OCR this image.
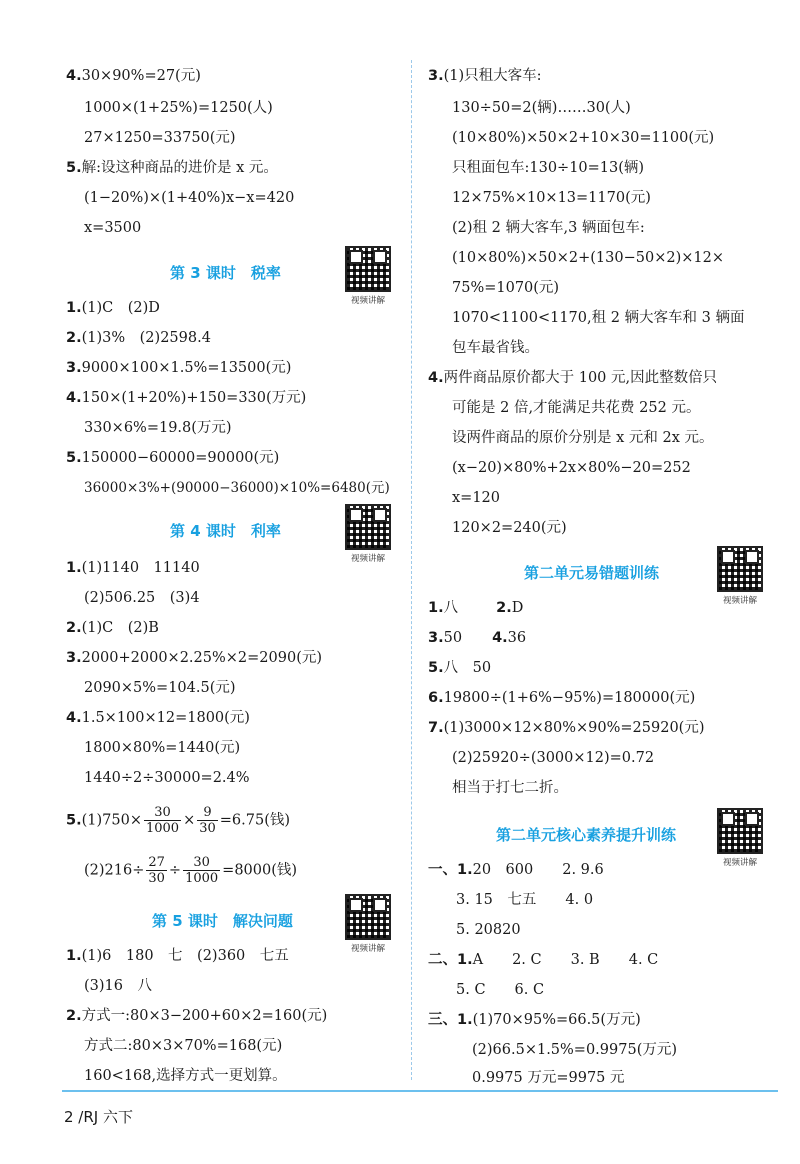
4.30×90%=27(元)
1000×(1+25%)=1250(人)
27×1250=33750(元)
5.解:设这种商品的进价是 x 元。
(1−20%)×(1+40%)x−x=420
x=3500
第 3 课时　税率
视频讲解
1.(1)C　(2)D
2.(1)3%　(2)2598.4
3.9000×100×1.5%=13500(元)
4.150×(1+20%)+150=330(万元)
330×6%=19.8(万元)
5.150000−60000=90000(元)
36000×3%+(90000−36000)×10%=6480(元)
第 4 课时　利率
视频讲解
1.(1)1140　11140
(2)506.25　(3)4
2.(1)C　(2)B
3.2000+2000×2.25%×2=2090(元)
2090×5%=104.5(元)
4.1.5×100×12=1800(元)
1800×80%=1440(元)
1440÷2÷30000=2.4%
$5.(1)750\times \frac{30}{1000} \times \frac{9}{30} =6.75$(钱)
$(2)216\div \frac{27}{30} \div \frac{30}{1000} =8000$(钱)
第 5 课时　解决问题
视频讲解
1.(1)6　180　七　(2)360　七五
(3)16　八
2.方式一:80×3−200+60×2=160(元)
方式二:80×3×70%=168(元)
160<168,选择方式一更划算。
3.(1)只租大客车:
130÷50=2(辆)……30(人)
(10×80%)×50×2+10×30=1100(元)
只租面包车:130÷10=13(辆)
12×75%×10×13=1170(元)
(2)租 2 辆大客车,3 辆面包车:
(10×80%)×50×2+(130−50×2)×12×
75%=1070(元)
1070<1100<1170,租 2 辆大客车和 3 辆面
包车最省钱。
4.两件商品原价都大于 100 元,因此整数倍只
可能是 2 倍,才能满足共花费 252 元。
设两件商品的原价分别是 x 元和 2x 元。
(x−20)×80%+2x×80%−20=252
x=120
120×2=240(元)
第二单元易错题训练
视频讲解
1.八	2.D
3.50 4.36
5.八　50
6.19800÷(1+6%−95%)=180000(元)
7.(1)3000×12×80%×90%=25920(元)
(2)25920÷(3000×12)=0.72
相当于打七二折。
第二单元核心素养提升训练
视频讲解
一、1.20　600　　2. 9.6
3. 15　七五　　4. 0
5. 20820
二、1.A　　2. C　　3. B　　4. C
5. C　　6. C
三、1.(1)70×95%=66.5(万元)
(2)66.5×1.5%=0.9975(万元)
0.9975 万元=9975 元
2 /RJ 六下
